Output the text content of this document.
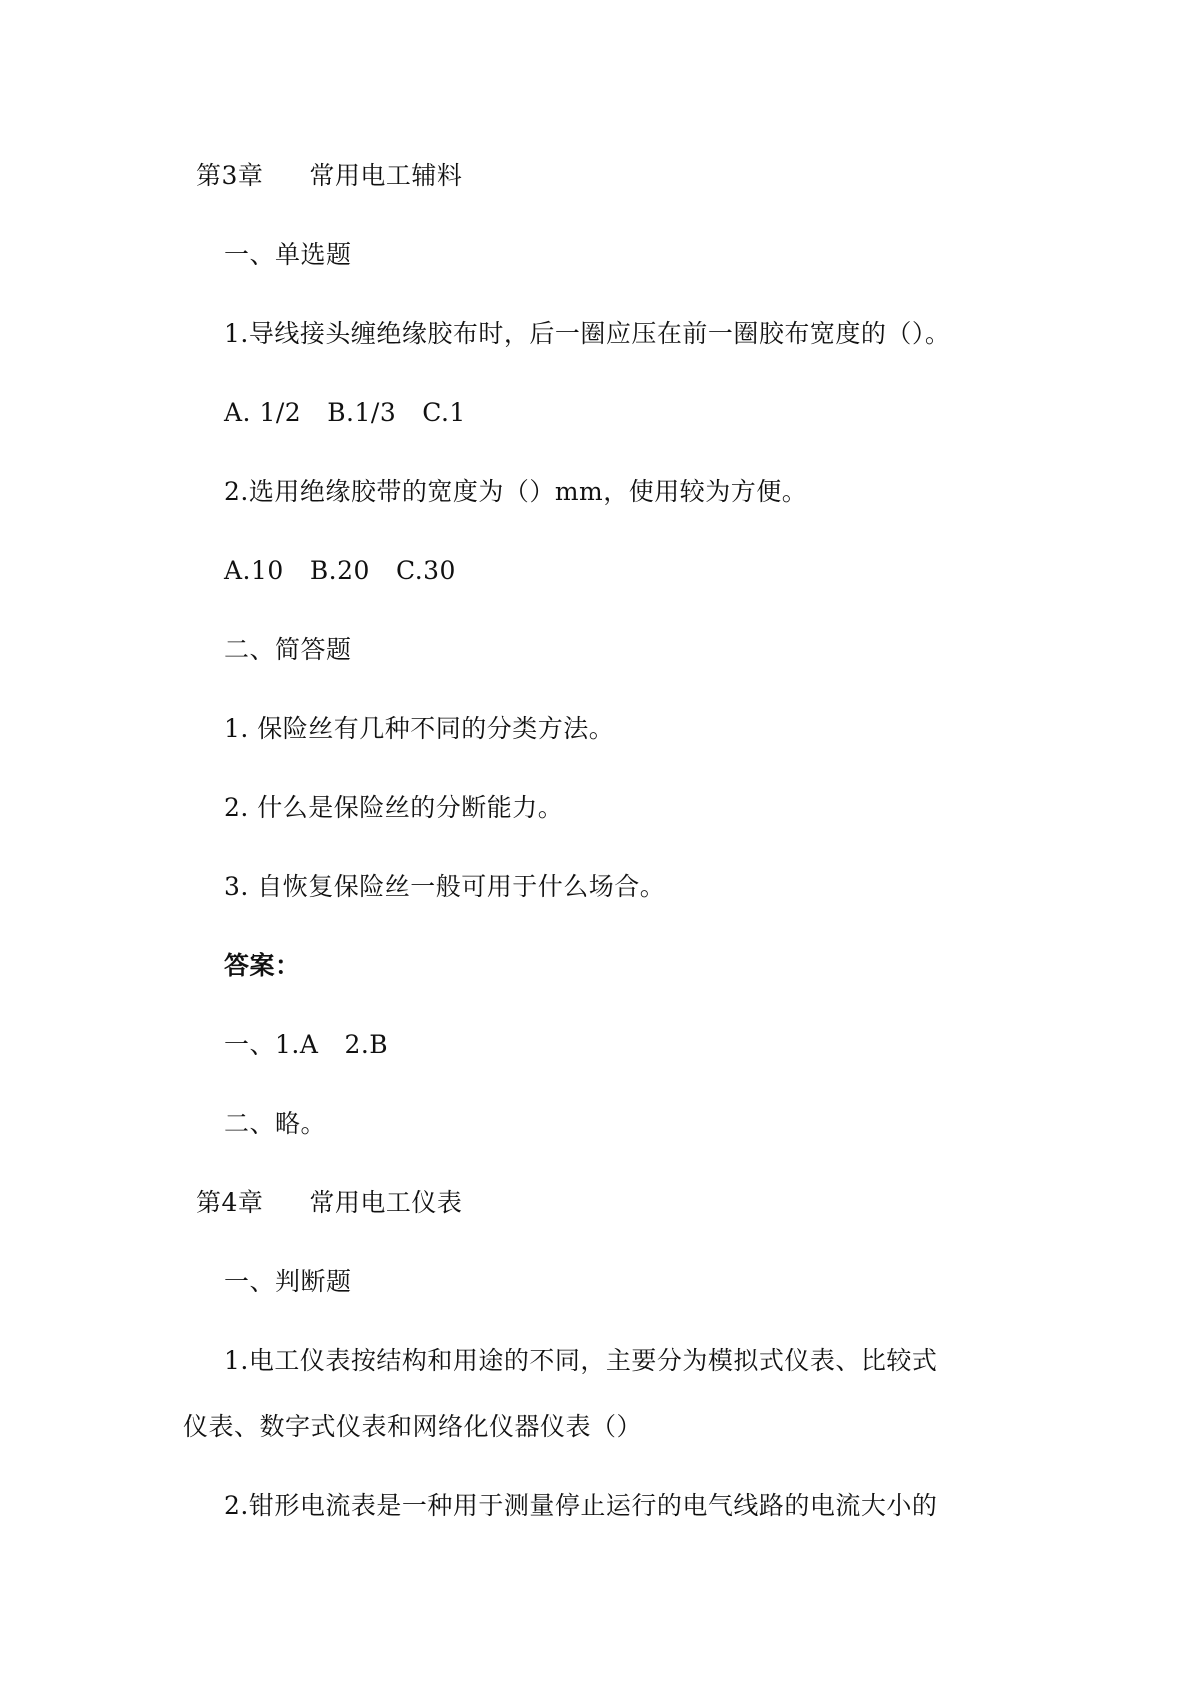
第3章 常用电工辅料
一、单选题
1.导线接头缠绝缘胶布时，后一圈应压在前一圈胶布宽度的（）。
A. 1/2 B.1/3 C.1
2.选用绝缘胶带的宽度为（）mm，使用较为方便。
A.10 B.20 C.30
二、简答题
1. 保险丝有几种不同的分类方法。
2. 什么是保险丝的分断能力。
3. 自恢复保险丝一般可用于什么场合。
答案：
一、1.A 2.B
二、略。
第4章 常用电工仪表
一、判断题
1.电工仪表按结构和用途的不同，主要分为模拟式仪表、比较式
仪表、数字式仪表和网络化仪器仪表（）
2.钳形电流表是一种用于测量停止运行的电气线路的电流大小的
